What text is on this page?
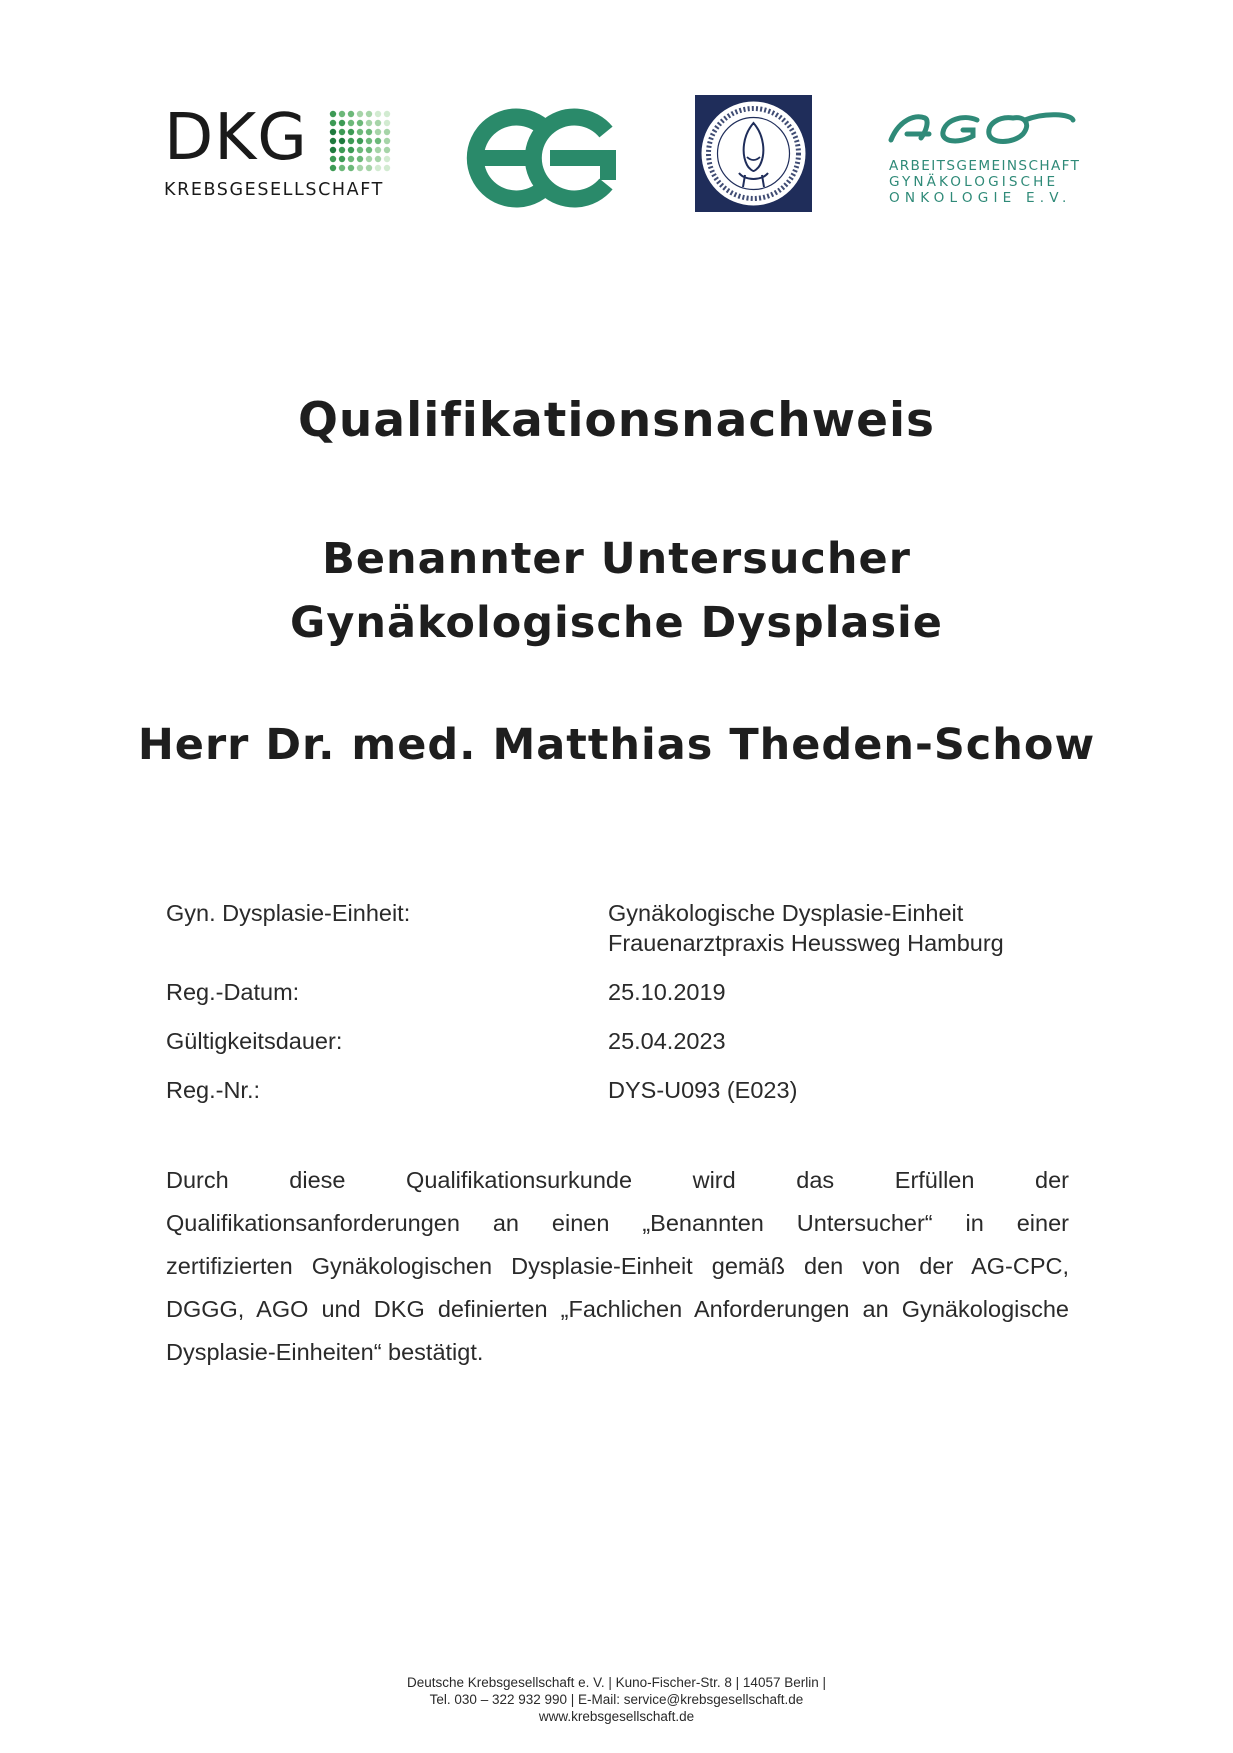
DKG
KREBSGESELLSCHAFT
ARBEITSGEMEINSCHAFT
GYNÄKOLOGISCHE
ONKOLOGIE E.V.
Qualifikationsnachweis
Benannter Untersucher
Gynäkologische Dysplasie
Herr Dr. med. Matthias Theden-Schow
Gyn. Dysplasie-Einheit:	Gynäkologische Dysplasie-Einheit
Frauenarztpraxis Heussweg Hamburg
Reg.-Datum:	25.10.2019
Gültigkeitsdauer:	25.04.2023
Reg.-Nr.:	DYS-U093 (E023)
Durch diese Qualifikationsurkunde wird das Erfüllen der
Qualifikationsanforderungen an einen „Benannten Untersucher“ in einer
zertifizierten Gynäkologischen Dysplasie-Einheit gemäß den von der AG-CPC,
DGGG, AGO und DKG definierten „Fachlichen Anforderungen an Gynäkologische
Dysplasie-Einheiten“ bestätigt.
Deutsche Krebsgesellschaft e. V. | Kuno-Fischer-Str. 8 | 14057 Berlin |
Tel. 030 – 322 932 990 | E-Mail: service@krebsgesellschaft.de
www.krebsgesellschaft.de
